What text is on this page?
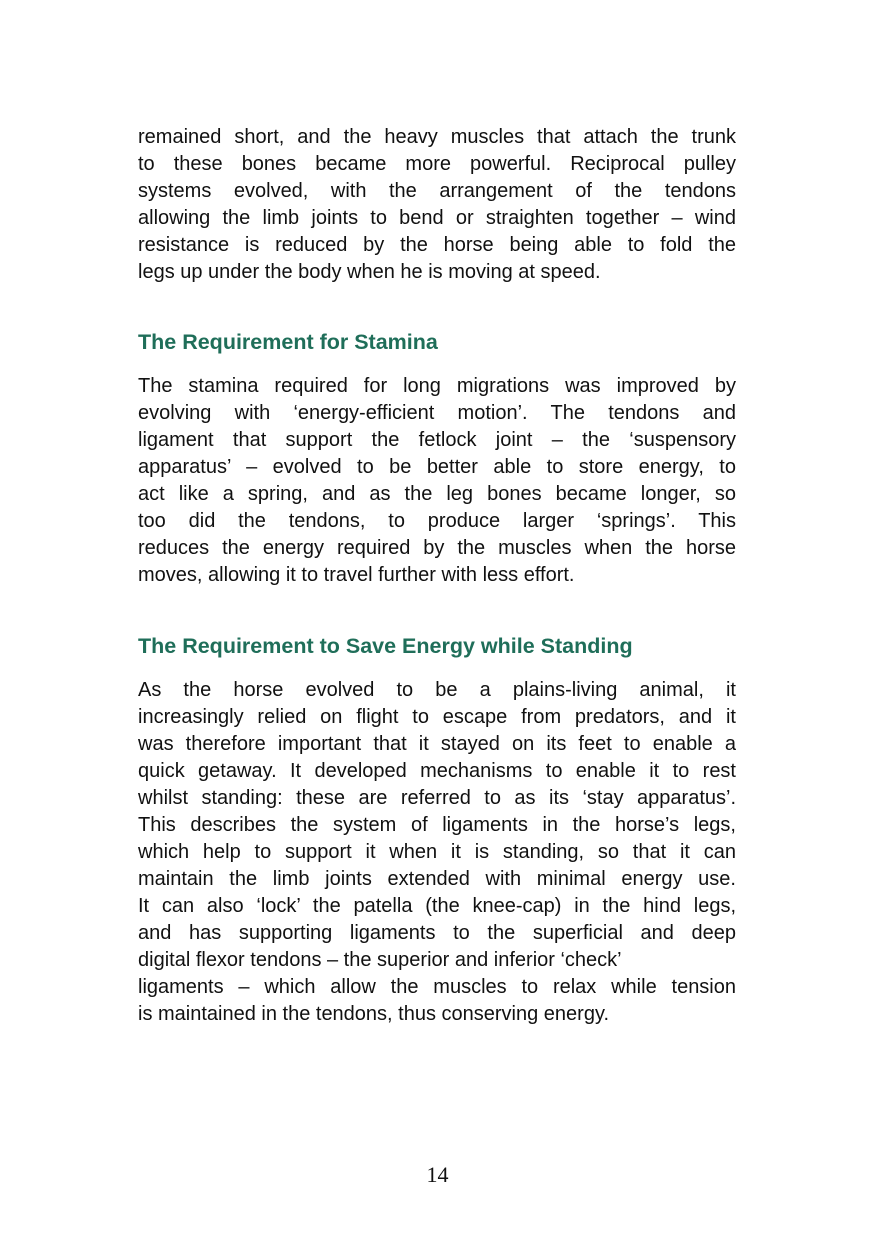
remained short, and the heavy muscles that attach the trunk
to these bones became more powerful. Reciprocal pulley
systems evolved, with the arrangement of the tendons
allowing the limb joints to bend or straighten together – wind
resistance is reduced by the horse being able to fold the
legs up under the body when he is moving at speed.

The Requirement for Stamina

The stamina required for long migrations was improved by
evolving with ‘energy-efficient motion’. The tendons and
ligament that support the fetlock joint – the ‘suspensory
apparatus’ – evolved to be better able to store energy, to
act like a spring, and as the leg bones became longer, so
too did the tendons, to produce larger ‘springs’. This
reduces the energy required by the muscles when the horse
moves, allowing it to travel further with less effort.

The Requirement to Save Energy while Standing

As the horse evolved to be a plains-living animal, it
increasingly relied on flight to escape from predators, and it
was therefore important that it stayed on its feet to enable a
quick getaway. It developed mechanisms to enable it to rest
whilst standing: these are referred to as its ‘stay apparatus’.
This describes the system of ligaments in the horse’s legs,
which help to support it when it is standing, so that it can
maintain the limb joints extended with minimal energy use.
It can also ‘lock’ the patella (the knee-cap) in the hind legs,
and has supporting ligaments to the superficial and deep
digital flexor tendons – the superior and inferior ‘check’
ligaments – which allow the muscles to relax while tension
is maintained in the tendons, thus conserving energy.

14
